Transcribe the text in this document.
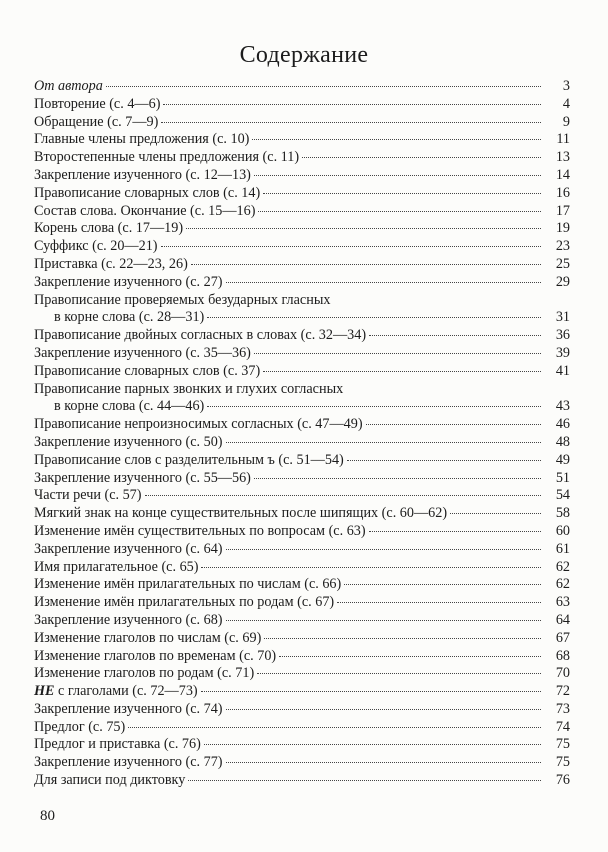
Содержание
От автора	3
Повторение (с. 4—6)	4
Обращение (с. 7—9)	9
Главные члены предложения (с. 10)	11
Второстепенные члены предложения (с. 11)	13
Закрепление изученного (с. 12—13)	14
Правописание словарных слов (с. 14)	16
Состав слова. Окончание (с. 15—16)	17
Корень слова (с. 17—19)	19
Суффикс (с. 20—21)	23
Приставка (с. 22—23, 26)	25
Закрепление изученного (с. 27)	29
Правописание проверяемых безударных гласных
в корне слова (с. 28—31)	31
Правописание двойных согласных в словах (с. 32—34)	36
Закрепление изученного (с. 35—36)	39
Правописание словарных слов (с. 37)	41
Правописание парных звонких и глухих согласных
в корне слова (с. 44—46)	43
Правописание непроизносимых согласных (с. 47—49)	46
Закрепление изученного (с. 50)	48
Правописание слов с разделительным ъ (с. 51—54)	49
Закрепление изученного (с. 55—56)	51
Части речи (с. 57)	54
Мягкий знак на конце существительных после шипящих (с. 60—62)	58
Изменение имён существительных по вопросам (с. 63)	60
Закрепление изученного (с. 64)	61
Имя прилагательное (с. 65)	62
Изменение имён прилагательных по числам (с. 66)	62
Изменение имён прилагательных по родам (с. 67)	63
Закрепление изученного (с. 68)	64
Изменение глаголов по числам (с. 69)	67
Изменение глаголов по временам (с. 70)	68
Изменение глаголов по родам (с. 71)	70
НЕ с глаголами (с. 72—73)	72
Закрепление изученного (с. 74)	73
Предлог (с. 75)	74
Предлог и приставка (с. 76)	75
Закрепление изученного (с. 77)	75
Для записи под диктовку	76
80
